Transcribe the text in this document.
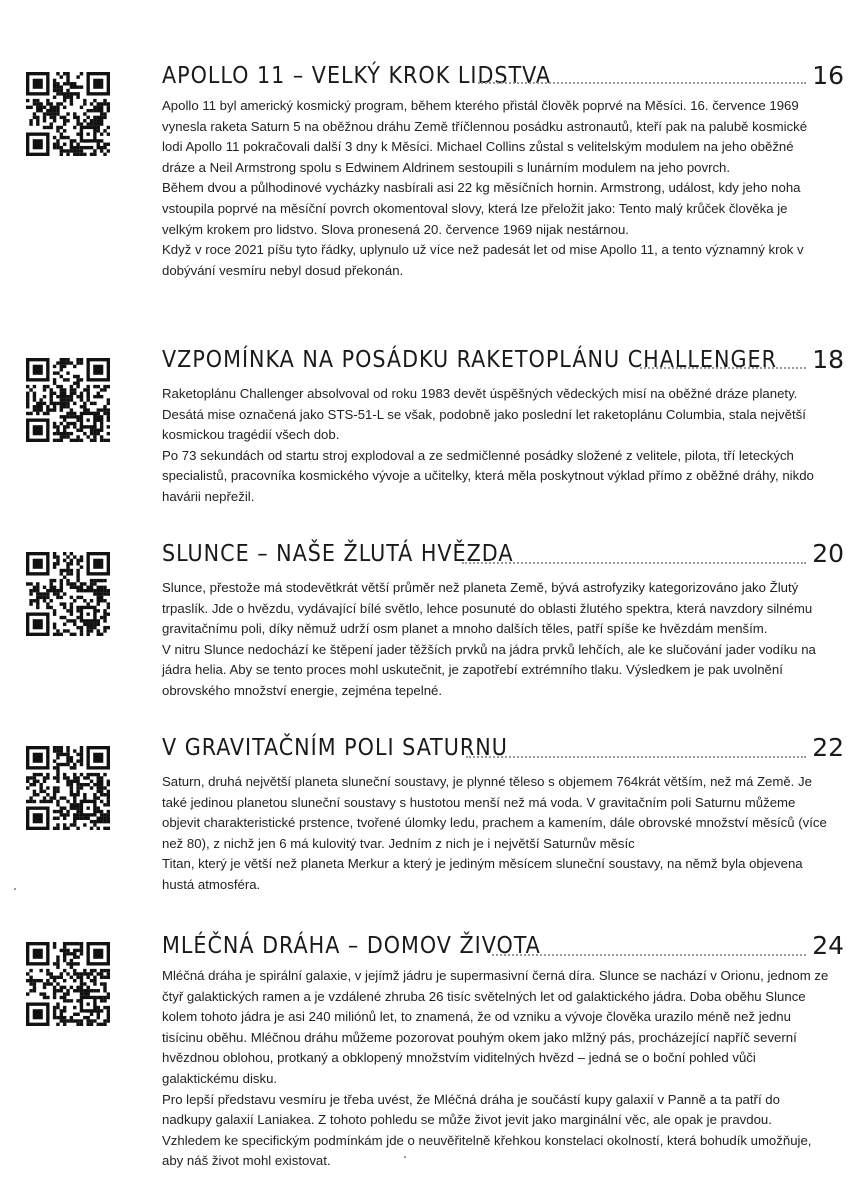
APOLLO 11 – VELKÝ KROK LIDSTVA	16

Apollo 11 byl americký kosmický program, během kterého přistál člověk poprvé na Měsíci. 16. července 1969 vynesla raketa Saturn 5 na oběžnou dráhu Země tříčlennou posádku astronautů, kteří pak na palubě kosmické lodi Apollo 11 pokračovali další 3 dny k Měsíci. Michael Collins zůstal s velitelským modulem na jeho oběžné dráze a Neil Armstrong spolu s Edwinem Aldrinem sestoupili s lunárním modulem na jeho povrch.

Během dvou a půlhodinové vycházky nasbírali asi 22 kg měsíčních hornin. Armstrong, událost, kdy jeho noha vstoupila poprvé na měsíční povrch okomentoval slovy, která lze přeložit jako: Tento malý krůček člověka je velkým krokem pro lidstvo. Slova pronesená 20. července 1969 nijak nestárnou.

Když v roce 2021 píšu tyto řádky, uplynulo už více než padesát let od mise Apollo 11, a tento významný krok v dobývání vesmíru nebyl dosud překonán.

VZPOMÍNKA NA POSÁDKU RAKETOPLÁNU CHALLENGER 18

Raketoplánu Challenger absolvoval od roku 1983 devět úspěšných vědeckých misí na oběžné dráze planety. Desátá mise označená jako STS-51-L se však, podobně jako poslední let raketoplánu Columbia, stala největší kosmickou tragédií všech dob.

Po 73 sekundách od startu stroj explodoval a ze sedmičlenné posádky složené z velitele, pilota, tří leteckých specialistů, pracovníka kosmického vývoje a učitelky, která měla poskytnout výklad přímo z oběžné dráhy, nikdo havárii nepřežil.

SLUNCE – NAŠE ŽLUTÁ HVĚZDA	20

Slunce, přestože má stodevětkrát větší průměr než planeta Země, bývá astrofyziky kategorizováno jako Žlutý trpaslík. Jde o hvězdu, vydávající bílé světlo, lehce posunuté do oblasti žlutého spektra, která navzdory silnému gravitačnímu poli, díky němuž udrží osm planet a mnoho dalších těles, patří spíše ke hvězdám menším.

V nitru Slunce nedochází ke štěpení jader těžších prvků na jádra prvků lehčích, ale ke slučování jader vodíku na jádra helia. Aby se tento proces mohl uskutečnit, je zapotřebí extrémního tlaku. Výsledkem je pak uvolnění obrovského množství energie, zejména tepelné.

V GRAVITAČNÍM POLI SATURNU	22

Saturn, druhá největší planeta sluneční soustavy, je plynné těleso s objemem 764krát větším, než má Země. Je také jedinou planetou sluneční soustavy s hustotou menší než má voda. V gravitačním poli Saturnu můžeme objevit charakteristické prstence, tvořené úlomky ledu, prachem a kamením, dále obrovské množství měsíců (více než 80), z nichž jen 6 má kulovitý tvar. Jedním z nich je i největší Saturnův měsíc

Titan, který je větší než planeta Merkur a který je jediným měsícem sluneční soustavy, na němž byla objevena hustá atmosféra.

MLÉČNÁ DRÁHA – DOMOV ŽIVOTA	24

Mléčná dráha je spirální galaxie, v jejímž jádru je supermasivní černá díra. Slunce se nachází v Orionu, jednom ze čtyř galaktických ramen a je vzdálené zhruba 26 tisíc světelných let od galaktického jádra. Doba oběhu Slunce kolem tohoto jádra je asi 240 miliónů let, to znamená, že od vzniku a vývoje člověka urazilo méně než jednu tisícinu oběhu. Mléčnou dráhu můžeme pozorovat pouhým okem jako mlžný pás, procházející napříč severní hvězdnou oblohou, protkaný a obklopený množstvím viditelných hvězd – jedná se o boční pohled vůči galaktickému disku.

Pro lepší představu vesmíru je třeba uvést, že Mléčná dráha je součástí kupy galaxií v Panně a ta patří do nadkupy galaxií Laniakea. Z tohoto pohledu se může život jevit jako marginální věc, ale opak je pravdou. Vzhledem ke specifickým podmínkám jde o neuvěřitelně křehkou konstelaci okolností, která bohudík umožňuje, aby náš život mohl existovat.
